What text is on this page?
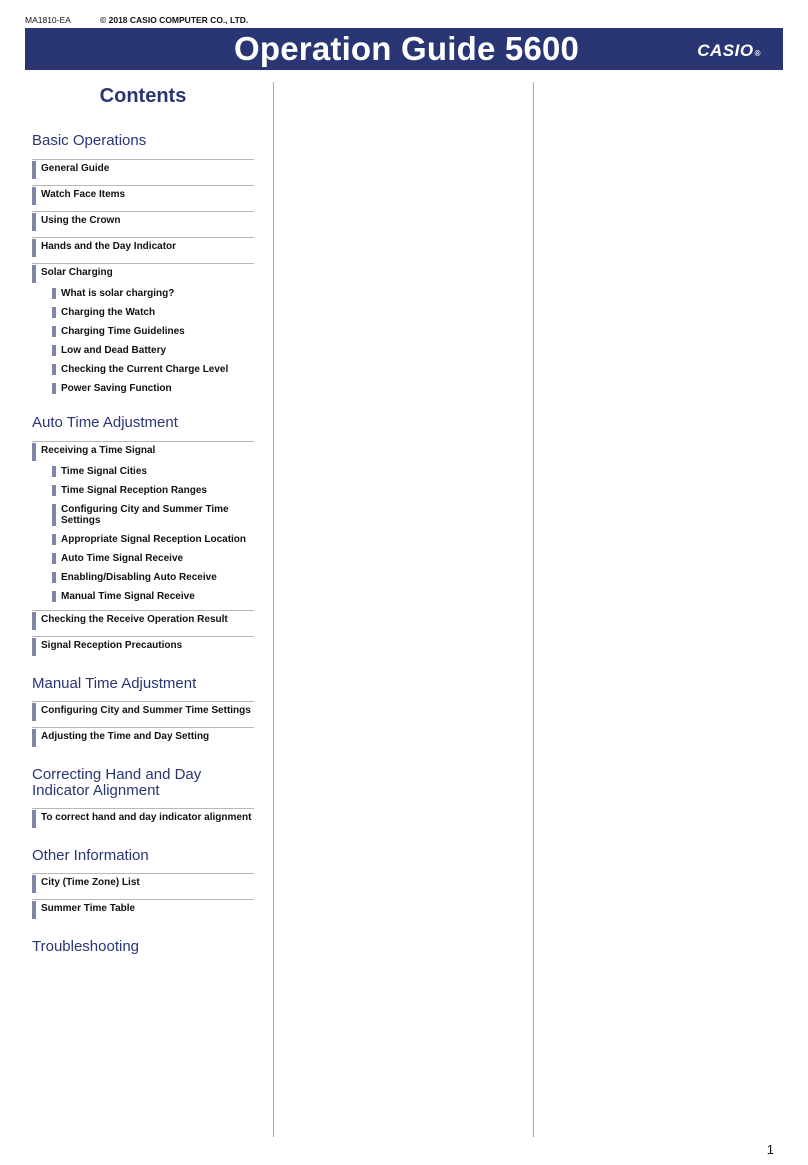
MA1810-EA	© 2018 CASIO COMPUTER CO., LTD.
Operation Guide 5600	CASIO®
Contents
Basic Operations
General Guide
Watch Face Items
Using the Crown
Hands and the Day Indicator
Solar Charging
What is solar charging?
Charging the Watch
Charging Time Guidelines
Low and Dead Battery
Checking the Current Charge Level
Power Saving Function
Auto Time Adjustment
Receiving a Time Signal
Time Signal Cities
Time Signal Reception Ranges
Configuring City and Summer Time Settings
Appropriate Signal Reception Location
Auto Time Signal Receive
Enabling/Disabling Auto Receive
Manual Time Signal Receive
Checking the Receive Operation Result
Signal Reception Precautions
Manual Time Adjustment
Configuring City and Summer Time Settings
Adjusting the Time and Day Setting
Correcting Hand and Day Indicator Alignment
To correct hand and day indicator alignment
Other Information
City (Time Zone) List
Summer Time Table
Troubleshooting
1
